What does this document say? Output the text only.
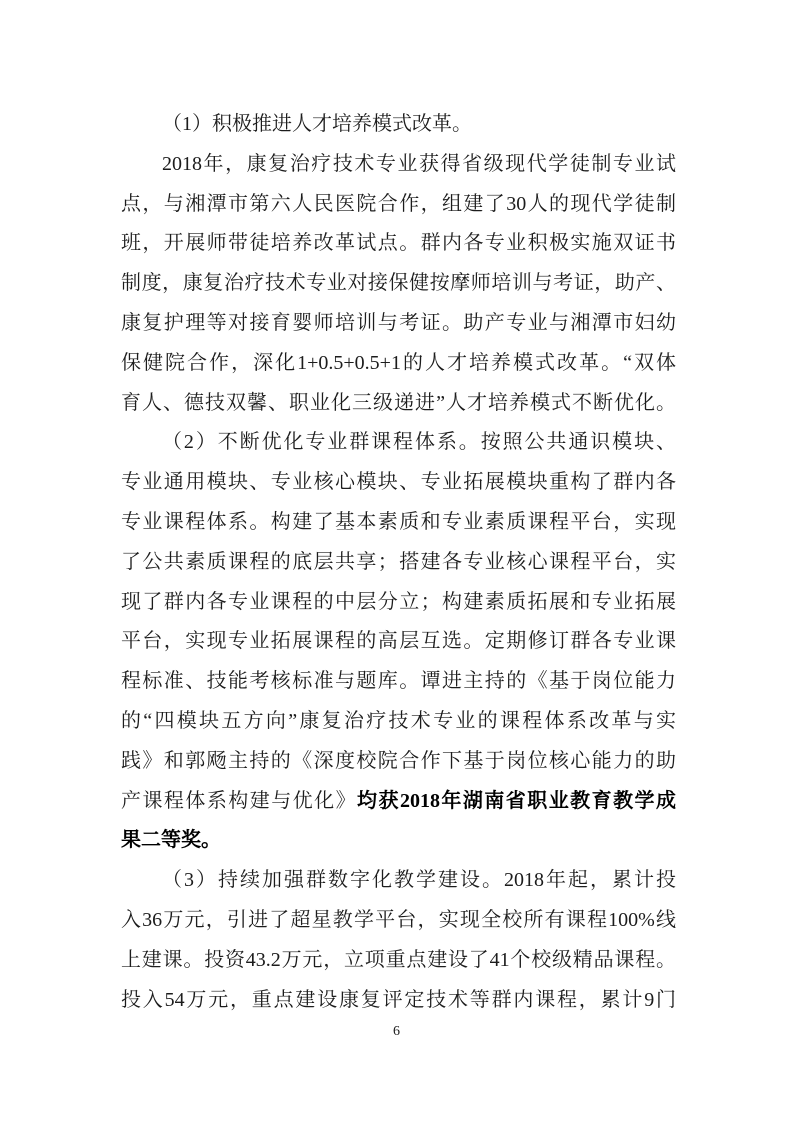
（1）积极推进人才培养模式改革。
2018年，康复治疗技术专业获得省级现代学徒制专业试
点，与湘潭市第六人民医院合作，组建了30人的现代学徒制
班，开展师带徒培养改革试点。群内各专业积极实施双证书
制度，康复治疗技术专业对接保健按摩师培训与考证，助产、
康复护理等对接育婴师培训与考证。助产专业与湘潭市妇幼
保健院合作，深化1+0.5+0.5+1的人才培养模式改革。“双体
育人、德技双馨、职业化三级递进”人才培养模式不断优化。
（2）不断优化专业群课程体系。按照公共通识模块、
专业通用模块、专业核心模块、专业拓展模块重构了群内各
专业课程体系。构建了基本素质和专业素质课程平台，实现
了公共素质课程的底层共享；搭建各专业核心课程平台，实
现了群内各专业课程的中层分立；构建素质拓展和专业拓展
平台，实现专业拓展课程的高层互选。定期修订群各专业课
程标准、技能考核标准与题库。谭进主持的《基于岗位能力
的“四模块五方向”康复治疗技术专业的课程体系改革与实
践》和郭飏主持的《深度校院合作下基于岗位核心能力的助
产课程体系构建与优化》均获2018年湖南省职业教育教学成
果二等奖。
（3）持续加强群数字化教学建设。2018年起，累计投
入36万元，引进了超星教学平台，实现全校所有课程100%线
上建课。投资43.2万元，立项重点建设了41个校级精品课程。
投入54万元，重点建设康复评定技术等群内课程，累计9门
6
